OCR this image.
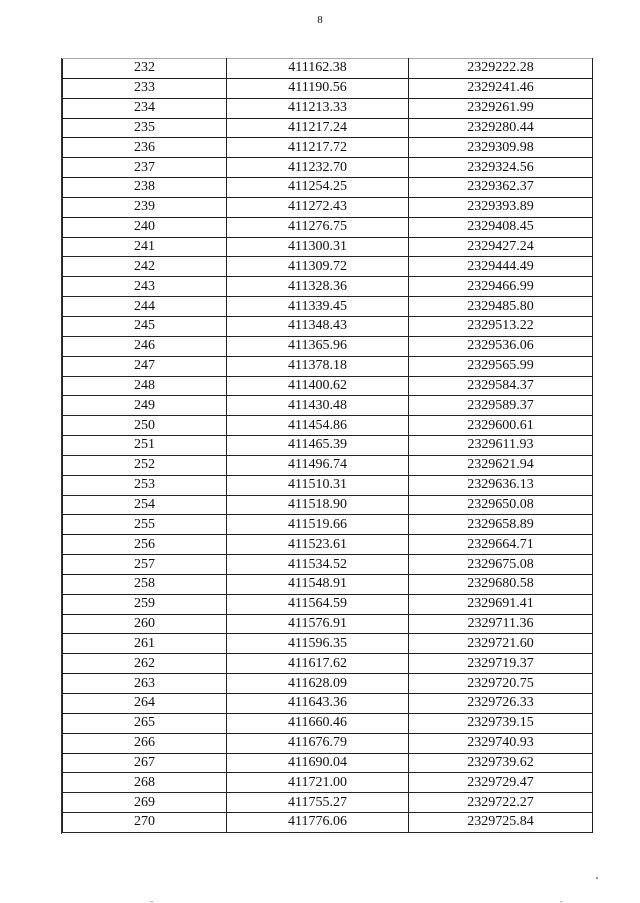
8
232	411162.38	2329222.28
233	411190.56	2329241.46
234	411213.33	2329261.99
235	411217.24	2329280.44
236	411217.72	2329309.98
237	411232.70	2329324.56
238	411254.25	2329362.37
239	411272.43	2329393.89
240	411276.75	2329408.45
241	411300.31	2329427.24
242	411309.72	2329444.49
243	411328.36	2329466.99
244	411339.45	2329485.80
245	411348.43	2329513.22
246	411365.96	2329536.06
247	411378.18	2329565.99
248	411400.62	2329584.37
249	411430.48	2329589.37
250	411454.86	2329600.61
251	411465.39	2329611.93
252	411496.74	2329621.94
253	411510.31	2329636.13
254	411518.90	2329650.08
255	411519.66	2329658.89
256	411523.61	2329664.71
257	411534.52	2329675.08
258	411548.91	2329680.58
259	411564.59	2329691.41
260	411576.91	2329711.36
261	411596.35	2329721.60
262	411617.62	2329719.37
263	411628.09	2329720.75
264	411643.36	2329726.33
265	411660.46	2329739.15
266	411676.79	2329740.93
267	411690.04	2329739.62
268	411721.00	2329729.47
269	411755.27	2329722.27
270	411776.06	2329725.84
